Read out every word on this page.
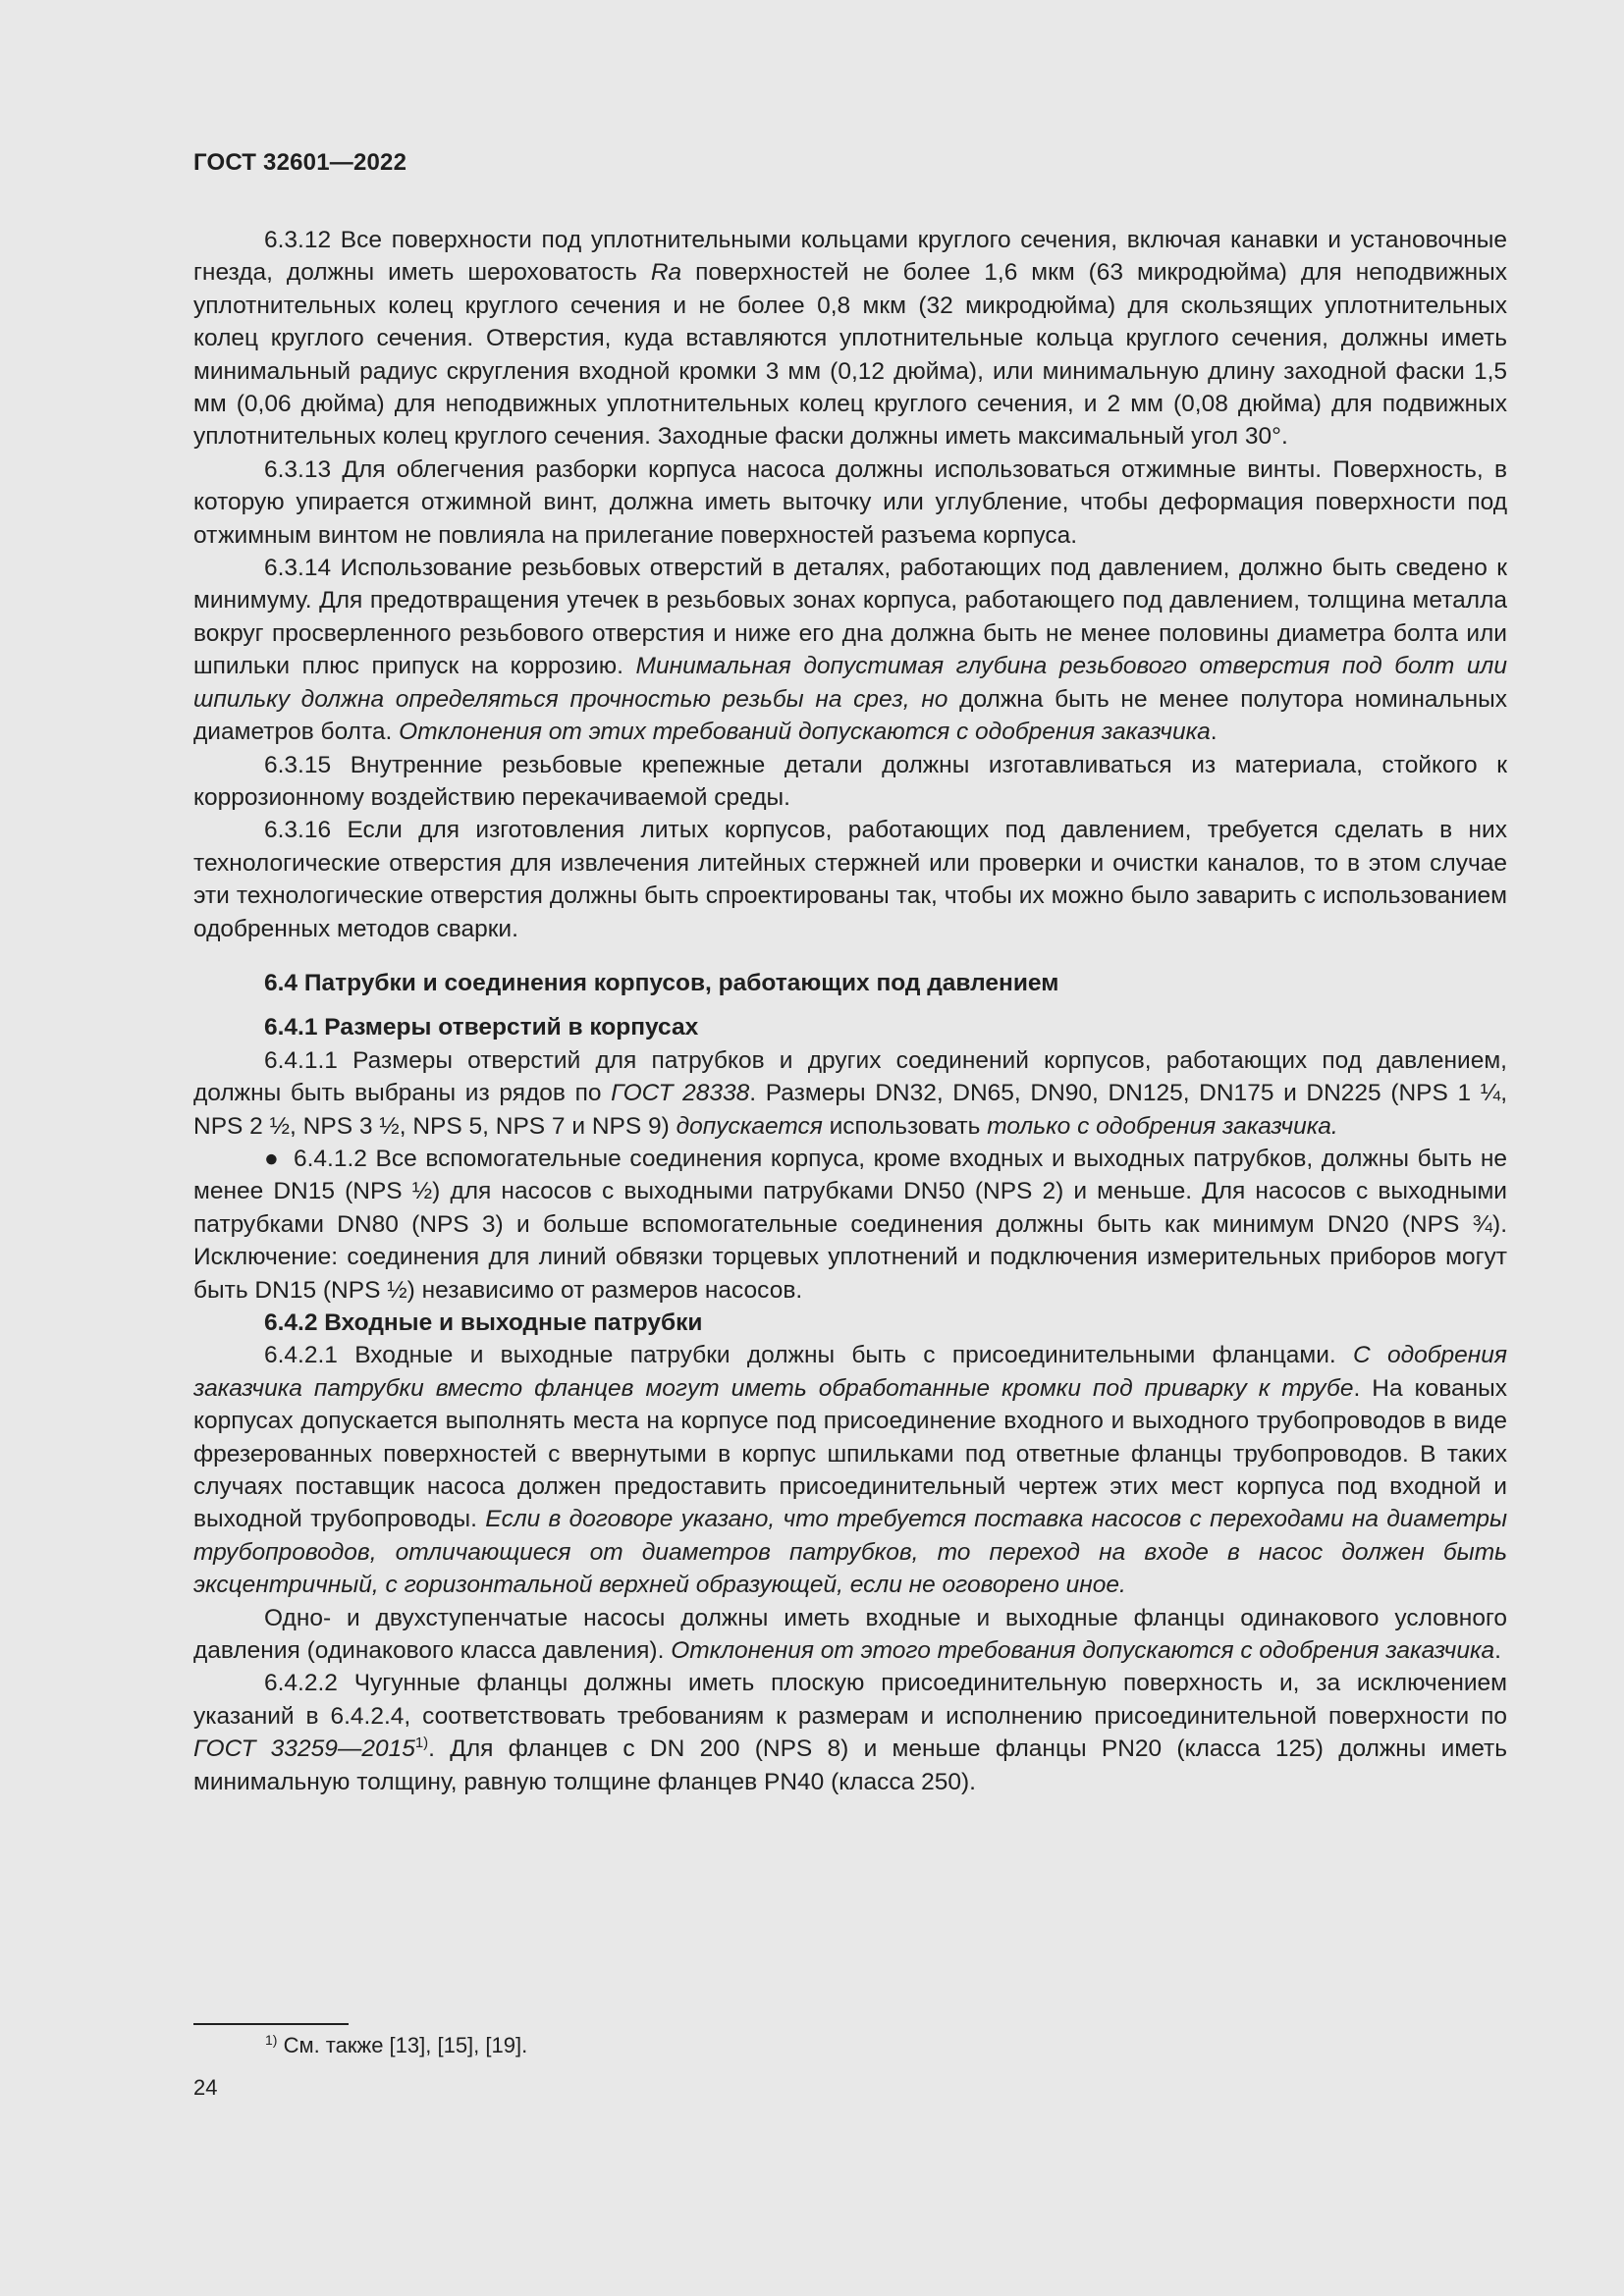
ГОСТ 32601—2022

6.3.12 Все поверхности под уплотнительными кольцами круглого сечения, включая канавки и установочные гнезда, должны иметь шероховатость Ra поверхностей не более 1,6 мкм (63 микродюйма) для неподвижных уплотнительных колец круглого сечения и не более 0,8 мкм (32 микродюйма) для скользящих уплотнительных колец круглого сечения. Отверстия, куда вставляются уплотнительные кольца круглого сечения, должны иметь минимальный радиус скругления входной кромки 3 мм (0,12 дюйма), или минимальную длину заходной фаски 1,5 мм (0,06 дюйма) для неподвижных уплотнительных колец круглого сечения, и 2 мм (0,08 дюйма) для подвижных уплотнительных колец круглого сечения. Заходные фаски должны иметь максимальный угол 30°.

6.3.13 Для облегчения разборки корпуса насоса должны использоваться отжимные винты. Поверхность, в которую упирается отжимной винт, должна иметь выточку или углубление, чтобы деформация поверхности под отжимным винтом не повлияла на прилегание поверхностей разъема корпуса.

6.3.14 Использование резьбовых отверстий в деталях, работающих под давлением, должно быть сведено к минимуму. Для предотвращения утечек в резьбовых зонах корпуса, работающего под давлением, толщина металла вокруг просверленного резьбового отверстия и ниже его дна должна быть не менее половины диаметра болта или шпильки плюс припуск на коррозию. Минимальная допустимая глубина резьбового отверстия под болт или шпильку должна определяться прочностью резьбы на срез, но должна быть не менее полутора номинальных диаметров болта. Отклонения от этих требований допускаются с одобрения заказчика.

6.3.15 Внутренние резьбовые крепежные детали должны изготавливаться из материала, стойкого к коррозионному воздействию перекачиваемой среды.

6.3.16 Если для изготовления литых корпусов, работающих под давлением, требуется сделать в них технологические отверстия для извлечения литейных стержней или проверки и очистки каналов, то в этом случае эти технологические отверстия должны быть спроектированы так, чтобы их можно было заварить с использованием одобренных методов сварки.

6.4 Патрубки и соединения корпусов, работающих под давлением
6.4.1 Размеры отверстий в корпусах

6.4.1.1 Размеры отверстий для патрубков и других соединений корпусов, работающих под давлением, должны быть выбраны из рядов по ГОСТ 28338. Размеры DN32, DN65, DN90, DN125, DN175 и DN225 (NPS 1 ¼, NPS 2 ½, NPS 3 ½, NPS 5, NPS 7 и NPS 9) допускается использовать только с одобрения заказчика.

● 6.4.1.2 Все вспомогательные соединения корпуса, кроме входных и выходных патрубков, должны быть не менее DN15 (NPS ½) для насосов с выходными патрубками DN50 (NPS 2) и меньше. Для насосов с выходными патрубками DN80 (NPS 3) и больше вспомогательные соединения должны быть как минимум DN20 (NPS ¾). Исключение: соединения для линий обвязки торцевых уплотнений и подключения измерительных приборов могут быть DN15 (NPS ½) независимо от размеров насосов.

6.4.2 Входные и выходные патрубки

6.4.2.1 Входные и выходные патрубки должны быть с присоединительными фланцами. С одобрения заказчика патрубки вместо фланцев могут иметь обработанные кромки под приварку к трубе. На кованых корпусах допускается выполнять места на корпусе под присоединение входного и выходного трубопроводов в виде фрезерованных поверхностей с ввернутыми в корпус шпильками под ответные фланцы трубопроводов. В таких случаях поставщик насоса должен предоставить присоединительный чертеж этих мест корпуса под входной и выходной трубопроводы. Если в договоре указано, что требуется поставка насосов с переходами на диаметры трубопроводов, отличающиеся от диаметров патрубков, то переход на входе в насос должен быть эксцентричный, с горизонтальной верхней образующей, если не оговорено иное.

Одно- и двухступенчатые насосы должны иметь входные и выходные фланцы одинакового условного давления (одинакового класса давления). Отклонения от этого требования допускаются с одобрения заказчика.

6.4.2.2 Чугунные фланцы должны иметь плоскую присоединительную поверхность и, за исключением указаний в 6.4.2.4, соответствовать требованиям к размерам и исполнению присоединительной поверхности по ГОСТ 33259—2015$^{1)}$. Для фланцев с DN 200 (NPS 8) и меньше фланцы PN20 (класса 125) должны иметь минимальную толщину, равную толщине фланцев PN40 (класса 250).

$^{1)}$ См. также [13], [15], [19].
24
